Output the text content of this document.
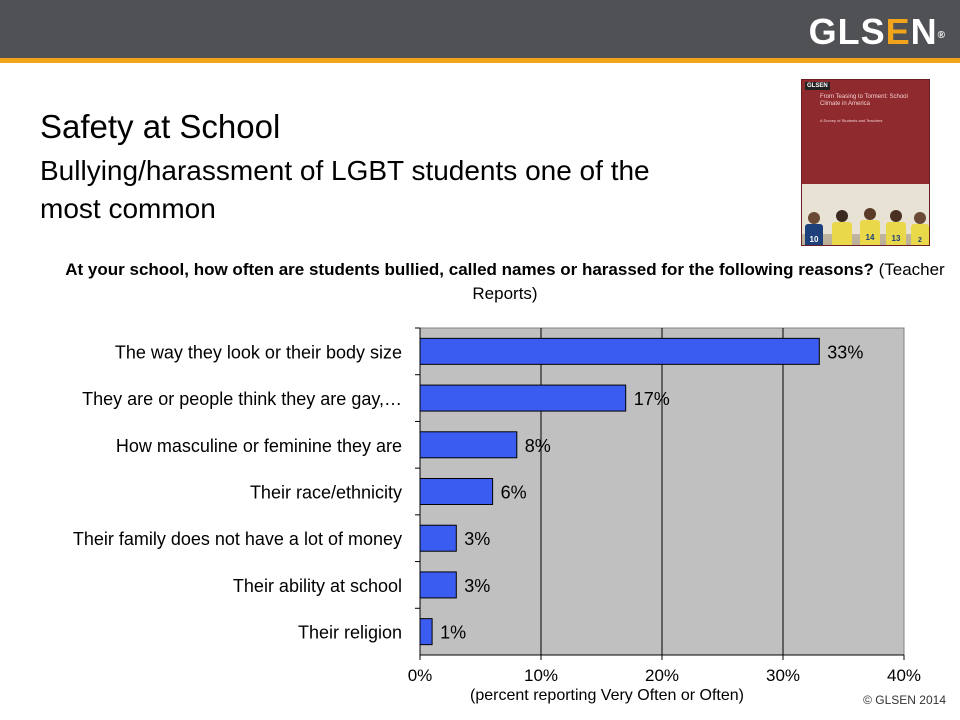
GLSEN®
Safety at School
Bullying/harassment of LGBT students one of the most common
GLSEN
From Teasing to Torment: School Climate in America
A Survey of Students and Teachers
10	14 13	2
At your school, how often are students bullied, called names or harassed for the following reasons? (Teacher Reports)
0%	10%	20%	30%	40%
33%
The way they look or their body size
17%
They are or people think they are gay,…
8%
How masculine or feminine they are
6%
Their race/ethnicity
3%
Their family does not have a lot of money
3%
Their ability at school
1%
Their religion
(percent reporting Very Often or Often)	© GLSEN 2014
